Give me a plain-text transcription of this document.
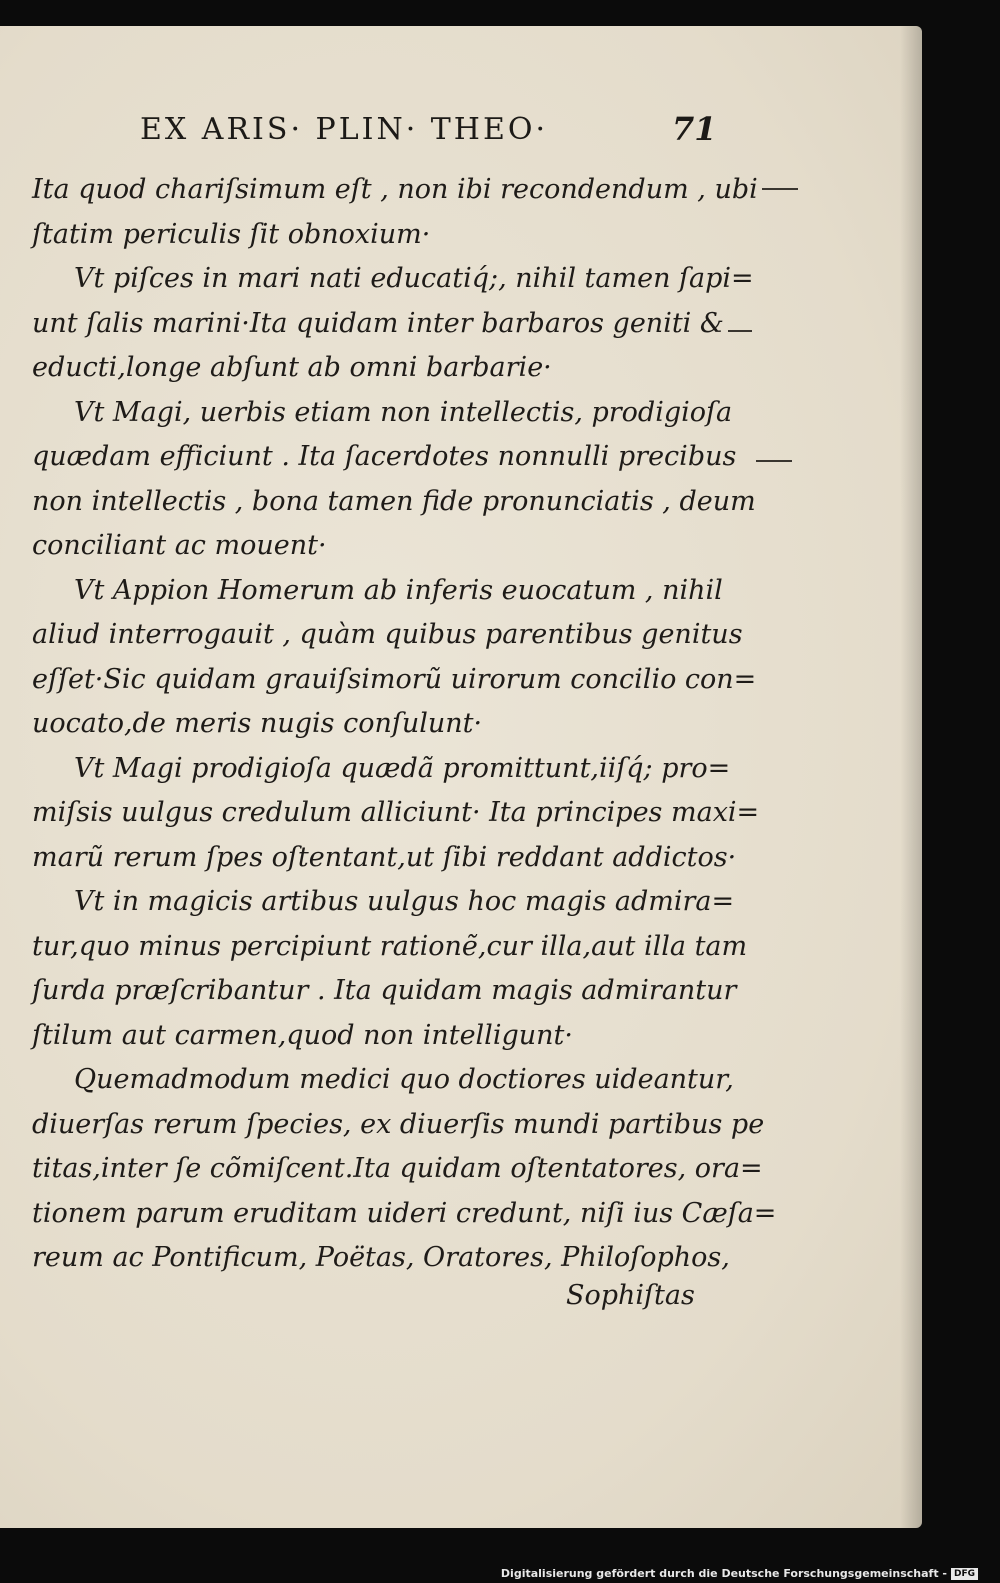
EX ARIS· PLIN· THEO·	71
Ita quod chariſsimum eſt , non ibi recondendum , ubi
ſtatim periculis ſit obnoxium·
Vt piſces in mari nati educatiq́;, nihil tamen ſapi=
unt ſalis marini·Ita quidam inter barbaros geniti &
educti,longe abſunt ab omni barbarie·
Vt Magi, uerbis etiam non intellectis, prodigioſa
quædam efficiunt . Ita ſacerdotes nonnulli precibus
non intellectis , bona tamen fide pronunciatis , deum
conciliant ac mouent·
Vt Appion Homerum ab inferis euocatum , nihil
aliud interrogauit , quàm quibus parentibus genitus
eſſet·Sic quidam grauiſsimorũ uirorum concilio con=
uocato,de meris nugis conſulunt·
Vt Magi prodigioſa quædã promittunt,iiſq́; pro=
miſsis uulgus credulum alliciunt· Ita principes maxi=
marũ rerum ſpes oſtentant,ut ſibi reddant addictos·
Vt in magicis artibus uulgus hoc magis admira=
tur,quo minus percipiunt rationẽ,cur illa,aut illa tam
ſurda præſcribantur . Ita quidam magis admirantur
ſtilum aut carmen,quod non intelligunt·
Quemadmodum medici quo doctiores uideantur,
diuerſas rerum ſpecies, ex diuerſis mundi partibus pe
titas,inter ſe cõmiſcent.Ita quidam oſtentatores, ora=
tionem parum eruditam uideri credunt, niſi ius Cæſa=
reum ac Pontificum, Poëtas, Oratores, Philoſophos,
Sophiſtas
Digitalisierung gefördert durch die Deutsche Forschungsgemeinschaft - DFG
